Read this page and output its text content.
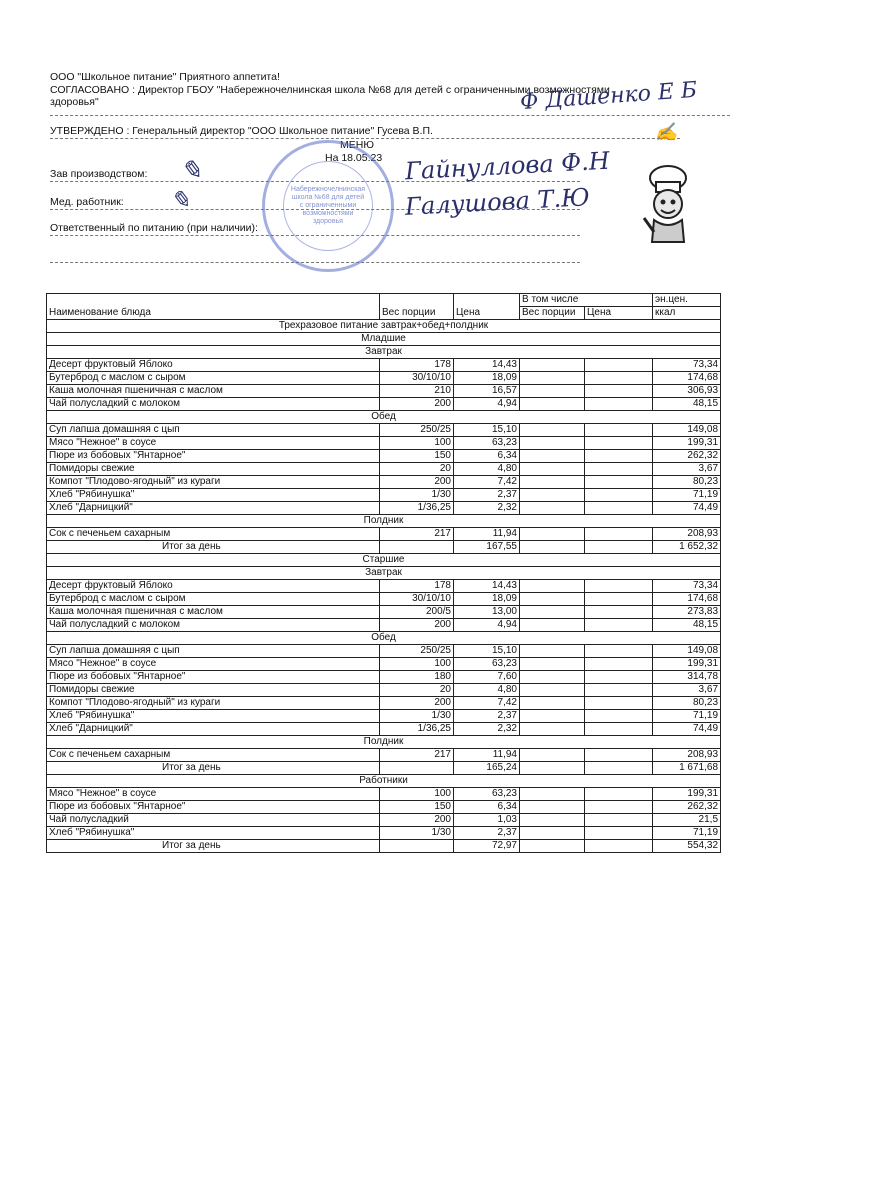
ООО "Школьное питание" Приятного аппетита!
СОГЛАСОВАНО : Директор ГБОУ "Набережночелнинская школа №68 для детей с ограниченными возможностями здоровья"
УТВЕРЖДЕНО : Генеральный директор "ООО Школьное питание" Гусева В.П.
МЕНЮ
На 18.05.23
Зав производством:
Мед. работник:
Ответственный по питанию (при наличии):
Ф Дашенко Е Б
✍
✎	Гайнуллова Ф.Н
✎	Галушова Т.Ю
Набережночелнинская школа №68 для детей с ограниченными возможностями здоровья
Наименование блюда	Вес порции	Цена	В том числе		эн.цен.
			Вес порции	Цена	ккал
Трехразовое питание завтрак+обед+полдник					
Младшие					
Завтрак					
Десерт фруктовый Яблоко	178	14,43			73,34
Бутерброд с маслом с сыром	30/10/10	18,09			174,68
Каша молочная пшеничная с маслом	210	16,57			306,93
Чай полусладкий с молоком	200	4,94			48,15
Обед					
Суп лапша домашняя с цып	250/25	15,10			149,08
Мясо "Нежное" в соусе	100	63,23			199,31
Пюре из бобовых "Янтарное"	150	6,34			262,32
Помидоры свежие	20	4,80			3,67
Компот "Плодово-ягодный" из кураги	200	7,42			80,23
Хлеб "Рябинушка"	1/30	2,37			71,19
Хлеб "Дарницкий"	1/36,25	2,32			74,49
Полдник					
Сок с печеньем сахарным	217	11,94			208,93
Итог за день		167,55			1 652,32
Старшие					
Завтрак					
Десерт фруктовый Яблоко	178	14,43			73,34
Бутерброд с маслом с сыром	30/10/10	18,09			174,68
Каша молочная пшеничная с маслом	200/5	13,00			273,83
Чай полусладкий с молоком	200	4,94			48,15
Обед					
Суп лапша домашняя с цып	250/25	15,10			149,08
Мясо "Нежное" в соусе	100	63,23			199,31
Пюре из бобовых "Янтарное"	180	7,60			314,78
Помидоры свежие	20	4,80			3,67
Компот "Плодово-ягодный" из кураги	200	7,42			80,23
Хлеб "Рябинушка"	1/30	2,37			71,19
Хлеб "Дарницкий"	1/36,25	2,32			74,49
Полдник					
Сок с печеньем сахарным	217	11,94			208,93
Итог за день		165,24			1 671,68
Работники					
Мясо "Нежное" в соусе	100	63,23			199,31
Пюре из бобовых "Янтарное"	150	6,34			262,32
Чай полусладкий	200	1,03			21,5
Хлеб "Рябинушка"	1/30	2,37			71,19
Итог за день		72,97			554,32
